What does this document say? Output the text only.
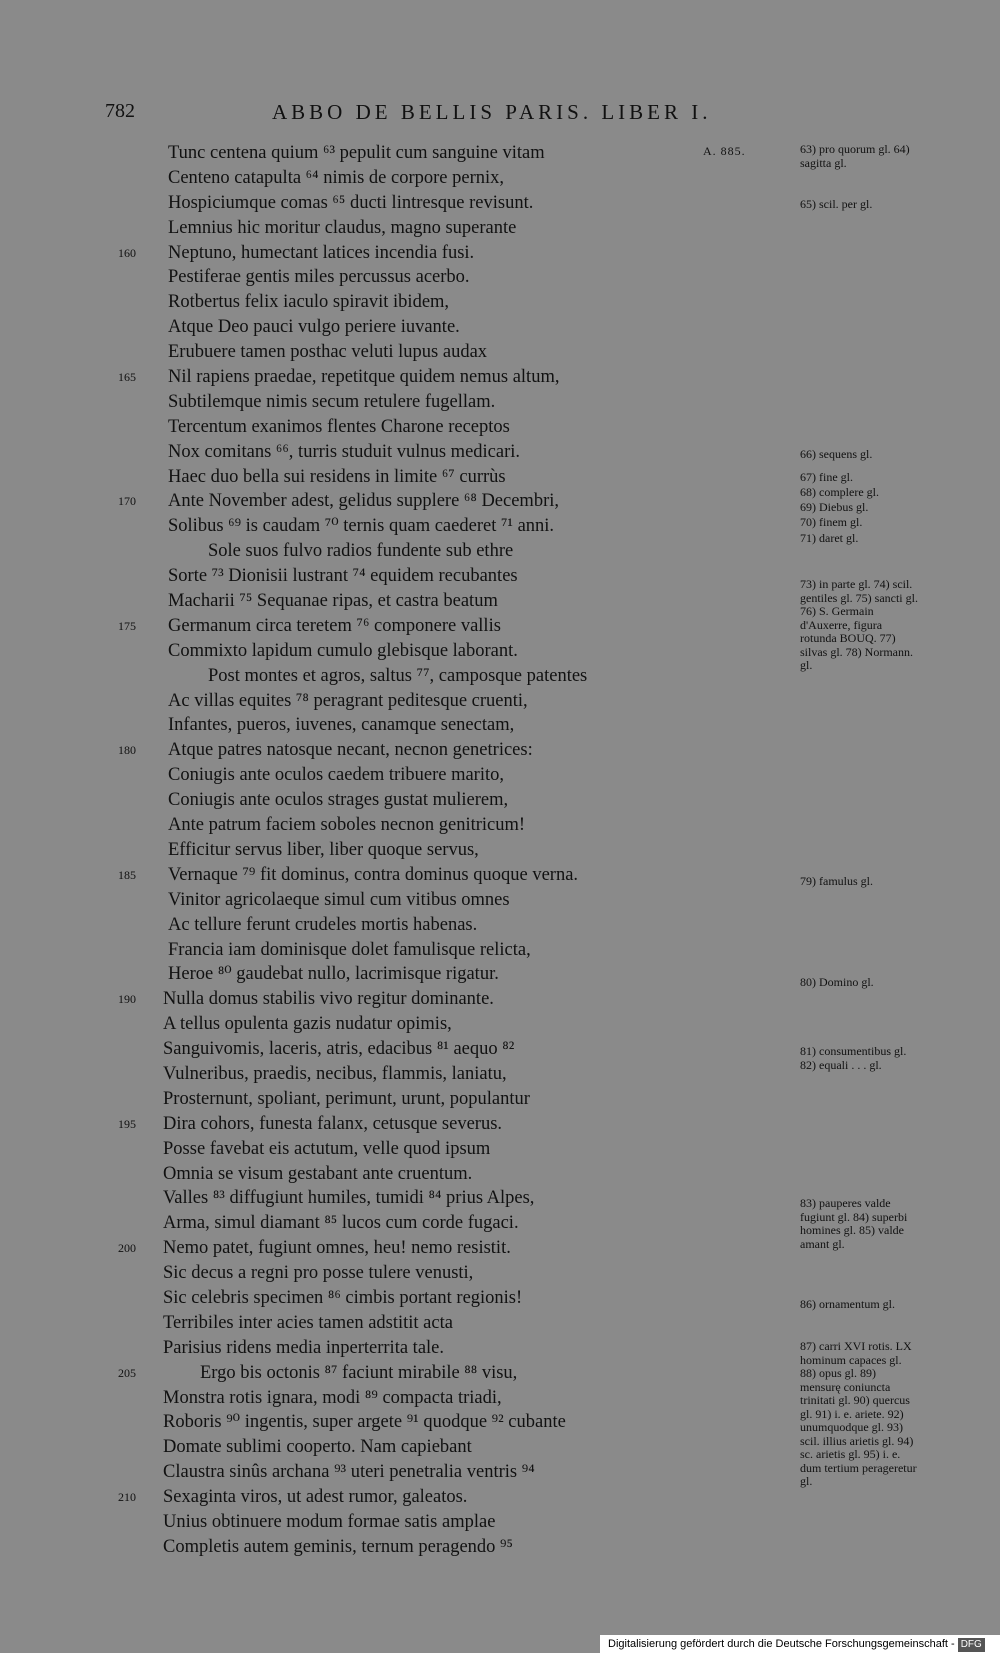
782	ABBO DE BELLIS PARIS. LIBER I.
A. 885.
Tunc centena quium ⁶³ pepulit cum sanguine vitam
Centeno catapulta ⁶⁴ nimis de corpore pernix,
Hospiciumque comas ⁶⁵ ducti lintresque revisunt.
Lemnius hic moritur claudus, magno superante
160 Neptuno, humectant latices incendia fusi.
Pestiferae gentis miles percussus acerbo.
Rotbertus felix iaculo spiravit ibidem,
Atque Deo pauci vulgo periere iuvante.
Erubuere tamen posthac veluti lupus audax
165 Nil rapiens praedae, repetitque quidem nemus altum,
Subtilemque nimis secum retulere fugellam.
Tercentum exanimos flentes Charone receptos
Nox comitans ⁶⁶, turris studuit vulnus medicari.
Haec duo bella sui residens in limite ⁶⁷ currùs
170 Ante November adest, gelidus supplere ⁶⁸ Decembri,
Solibus ⁶⁹ is caudam ⁷⁰ ternis quam caederet ⁷¹ anni.
Sole suos fulvo radios fundente sub ethre
Sorte ⁷³ Dionisii lustrant ⁷⁴ equidem recubantes
Macharii ⁷⁵ Sequanae ripas, et castra beatum
175 Germanum circa teretem ⁷⁶ componere vallis
Commixto lapidum cumulo glebisque laborant.
Post montes et agros, saltus ⁷⁷, camposque patentes
Ac villas equites ⁷⁸ peragrant peditesque cruenti,
Infantes, pueros, iuvenes, canamque senectam,
180 Atque patres natosque necant, necnon genetrices:
Coniugis ante oculos caedem tribuere marito,
Coniugis ante oculos strages gustat mulierem,
Ante patrum faciem soboles necnon genitricum!
Efficitur servus liber, liber quoque servus,
185 Vernaque ⁷⁹ fit dominus, contra dominus quoque verna.
Vinitor agricolaeque simul cum vitibus omnes
Ac tellure ferunt crudeles mortis habenas.
Francia iam dominisque dolet famulisque relicta,
Heroe ⁸⁰ gaudebat nullo, lacrimisque rigatur.
190 Nulla domus stabilis vivo regitur dominante.
A tellus opulenta gazis nudatur opimis,
Sanguivomis, laceris, atris, edacibus ⁸¹ aequo ⁸²
Vulneribus, praedis, necibus, flammis, laniatu,
Prosternunt, spoliant, perimunt, urunt, populantur
195 Dira cohors, funesta falanx, cetusque severus.
Posse favebat eis actutum, velle quod ipsum
Omnia se visum gestabant ante cruentum.
Valles ⁸³ diffugiunt humiles, tumidi ⁸⁴ prius Alpes,
Arma, simul diamant ⁸⁵ lucos cum corde fugaci.
200 Nemo patet, fugiunt omnes, heu! nemo resistit.
Sic decus a regni pro posse tulere venusti,
Sic celebris specimen ⁸⁶ cimbis portant regionis!
Terribiles inter acies tamen adstitit acta
Parisius ridens media inperterrita tale.
205	Ergo bis octonis ⁸⁷ faciunt mirabile ⁸⁸ visu,
Monstra rotis ignara, modi ⁸⁹ compacta triadi,
Roboris ⁹⁰ ingentis, super argete ⁹¹ quodque ⁹² cubante
Domate sublimi cooperto. Nam capiebant
Claustra sinûs archana ⁹³ uteri penetralia ventris ⁹⁴
210 Sexaginta viros, ut adest rumor, galeatos.
Unius obtinuere modum formae satis amplae
Completis autem geminis, ternum peragendo ⁹⁵
63) pro quorum gl. 64) sagitta gl.
65) scil. per gl.
66) sequens gl.
67) fine gl.
68) complere gl.
69) Diebus gl.
70) finem gl.
71) daret gl.
73) in parte gl. 74) scil. gentiles gl. 75) sancti gl. 76) S. Germain d'Auxerre, figura rotunda BOUQ. 77) silvas gl. 78) Normann. gl.
79) famulus gl.
80) Domino gl.
81) consumentibus gl. 82) equali . . . gl.
83) pauperes valde fugiunt gl. 84) superbi homines gl. 85) valde amant gl.
86) ornamentum gl.
87) carri XVI rotis. LX hominum capaces gl. 88) opus gl. 89) mensurę coniuncta trinitati gl. 90) quercus gl. 91) i. e. ariete. 92) unumquodque gl. 93) scil. illius arietis gl. 94) sc. arietis gl. 95) i. e. dum tertium perageretur gl.
Digitalisierung gefördert durch die Deutsche Forschungsgemeinschaft - DFG
